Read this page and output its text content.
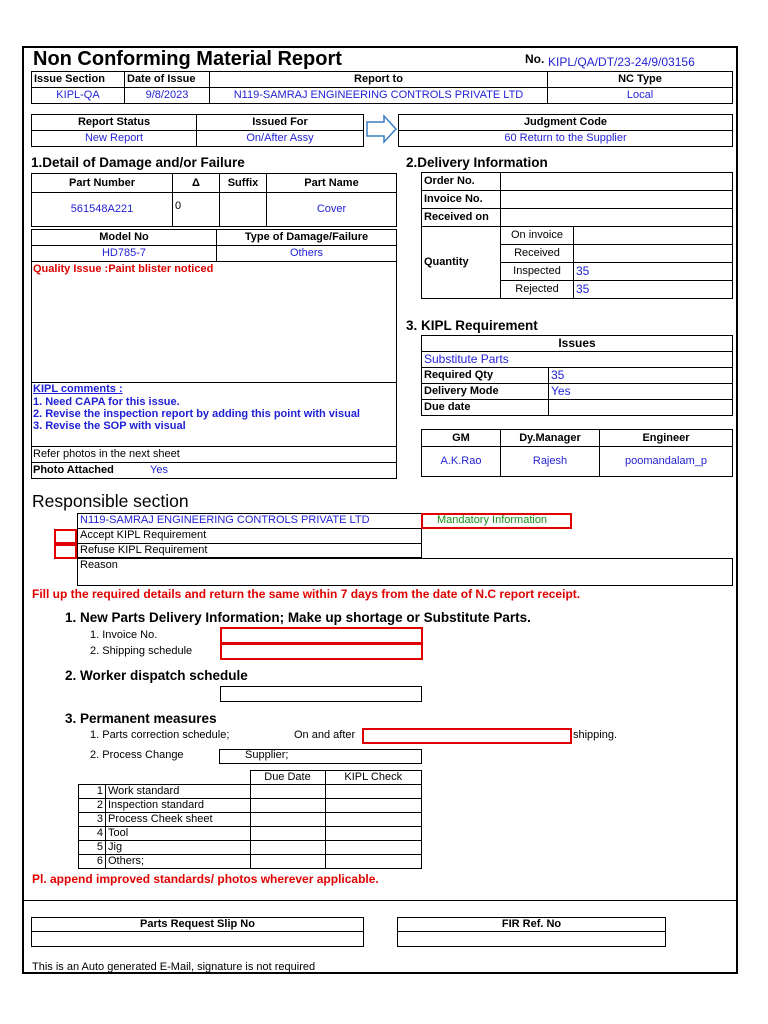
Non Conforming Material Report	No. KIPL/QA/DT/23-24/9/03156
Issue Section	Date of Issue	Report to	NC Type
KIPL-QA	9/8/2023	N119-SAMRAJ ENGINEERING CONTROLS PRIVATE LTD	Local
Report Status	Issued For
New Report	On/After Assy
Judgment Code
60 Return to the Supplier
1.Detail of Damage and/or Failure
Part Number	Δ	Suffix	Part Name
561548A221	0		Cover
Model No	Type of Damage/Failure
HD785-7	Others
Quality Issue :Paint blister noticed
KIPL comments :
1. Need CAPA for this issue.
2. Revise the inspection report by adding this point with visual
3. Revise the SOP with visual
Refer photos in the next sheet
Photo Attached	Yes
2.Delivery Information
Order No.		
Invoice No.		
Received on		
Quantity	On invoice	
	Received	
	Inspected	35
	Rejected	35
3. KIPL Requirement
Issues	
Substitute Parts	
Required Qty	35
Delivery Mode	Yes
Due date	
GM	Dy.Manager	Engineer
A.K.Rao	Rajesh	poomandalam_p
Responsible section
N119-SAMRAJ ENGINEERING CONTROLS PRIVATE LTD	Mandatory Information
Accept KIPL Requirement
Refuse KIPL Requirement
Reason
Fill up the required details and return the same within 7 days from the date of N.C report receipt.
1. New Parts Delivery Information; Make up shortage or Substitute Parts.
1. Invoice No.
2. Shipping schedule
2. Worker dispatch schedule
3. Permanent measures
1. Parts correction schedule;	On and after	shipping.
2. Process Change	Supplier;
		Due Date	KIPL Check
1	Work standard		
2	Inspection standard		
3	Process Cheek sheet		
4	Tool		
5	Jig		
6	Others;		
Pl. append improved standards/ photos wherever applicable.
Parts Request Slip No	FIR Ref. No

This is an Auto generated E-Mail, signature is not required
